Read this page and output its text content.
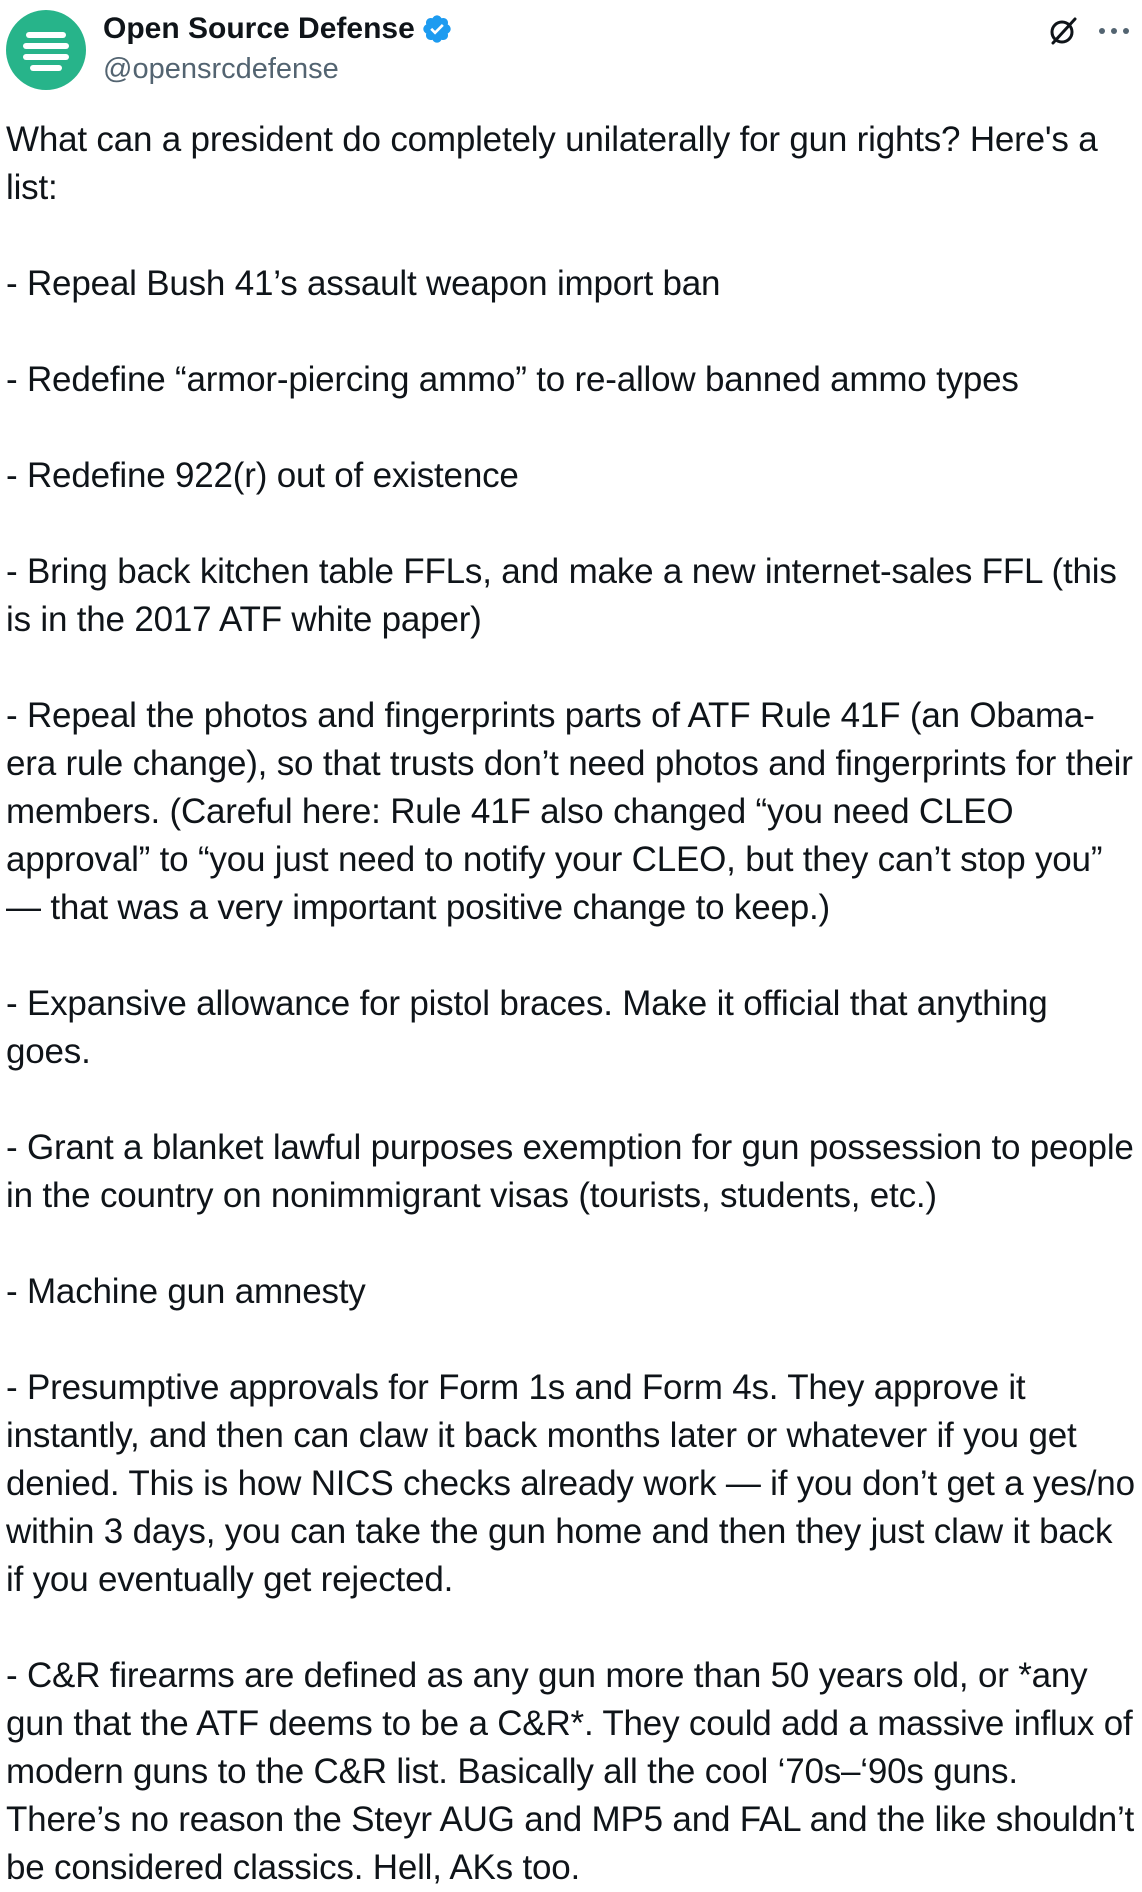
Open Source Defense
@opensrcdefense

What can a president do completely unilaterally for gun rights? Here's a list:

- Repeal Bush 41’s assault weapon import ban

- Redefine “armor-piercing ammo” to re-allow banned ammo types

- Redefine 922(r) out of existence

- Bring back kitchen table FFLs, and make a new internet-sales FFL (this is in the 2017 ATF white paper)

- Repeal the photos and fingerprints parts of ATF Rule 41F (an Obama-era rule change), so that trusts don’t need photos and fingerprints for their members. (Careful here: Rule 41F also changed “you need CLEO approval” to “you just need to notify your CLEO, but they can’t stop you” — that was a very important positive change to keep.)

- Expansive allowance for pistol braces. Make it official that anything goes.

- Grant a blanket lawful purposes exemption for gun possession to people in the country on nonimmigrant visas (tourists, students, etc.)

- Machine gun amnesty

- Presumptive approvals for Form 1s and Form 4s. They approve it instantly, and then can claw it back months later or whatever if you get denied. This is how NICS checks already work — if you don’t get a yes/no within 3 days, you can take the gun home and then they just claw it back if you eventually get rejected.

- C&R firearms are defined as any gun more than 50 years old, or *any gun that the ATF deems to be a C&R*. They could add a massive influx of modern guns to the C&R list. Basically all the cool ‘70s–‘90s guns. There’s no reason the Steyr AUG and MP5 and FAL and the like shouldn’t be considered classics. Hell, AKs too.
